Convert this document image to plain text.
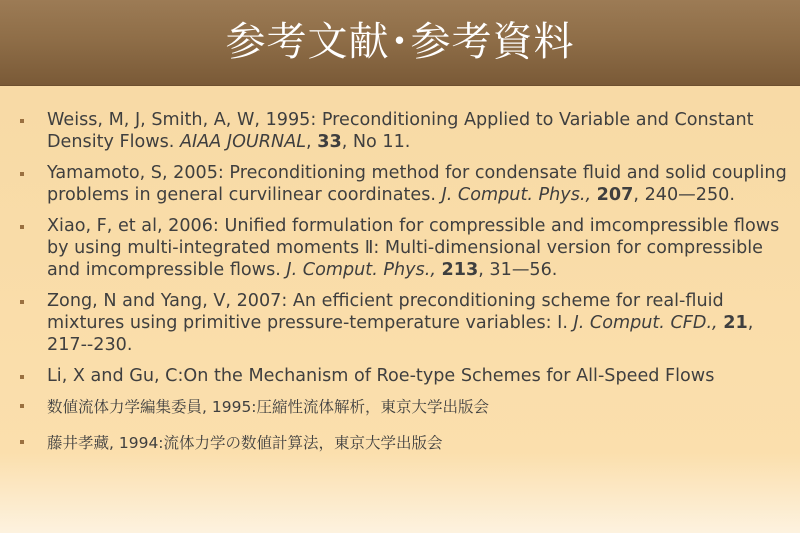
参考文献･参考資料
Weiss, M, J, Smith, A, W, 1995: Preconditioning Applied to Variable and Constant Density Flows. AIAA JOURNAL, 33, No 11.
Yamamoto, S, 2005: Preconditioning method for condensate fluid and solid coupling problems in general curvilinear coordinates. J. Comput. Phys., 207, 240—250.
Xiao, F, et al, 2006: Unified formulation for compressible and imcompressible flows by using multi-integrated moments Ⅱ: Multi-dimensional version for compressible and imcompressible flows. J. Comput. Phys., 213, 31—56.
Zong, N and Yang, V, 2007: An efficient preconditioning scheme for real-fluid mixtures using primitive pressure-temperature variables: I. J. Comput. CFD., 21, 217--230.
Li, X and Gu, C:On the Mechanism of Roe-type Schemes for All-Speed Flows
数値流体力学編集委員, 1995:圧縮性流体解析，東京大学出版会
藤井孝藏, 1994:流体力学の数値計算法，東京大学出版会
